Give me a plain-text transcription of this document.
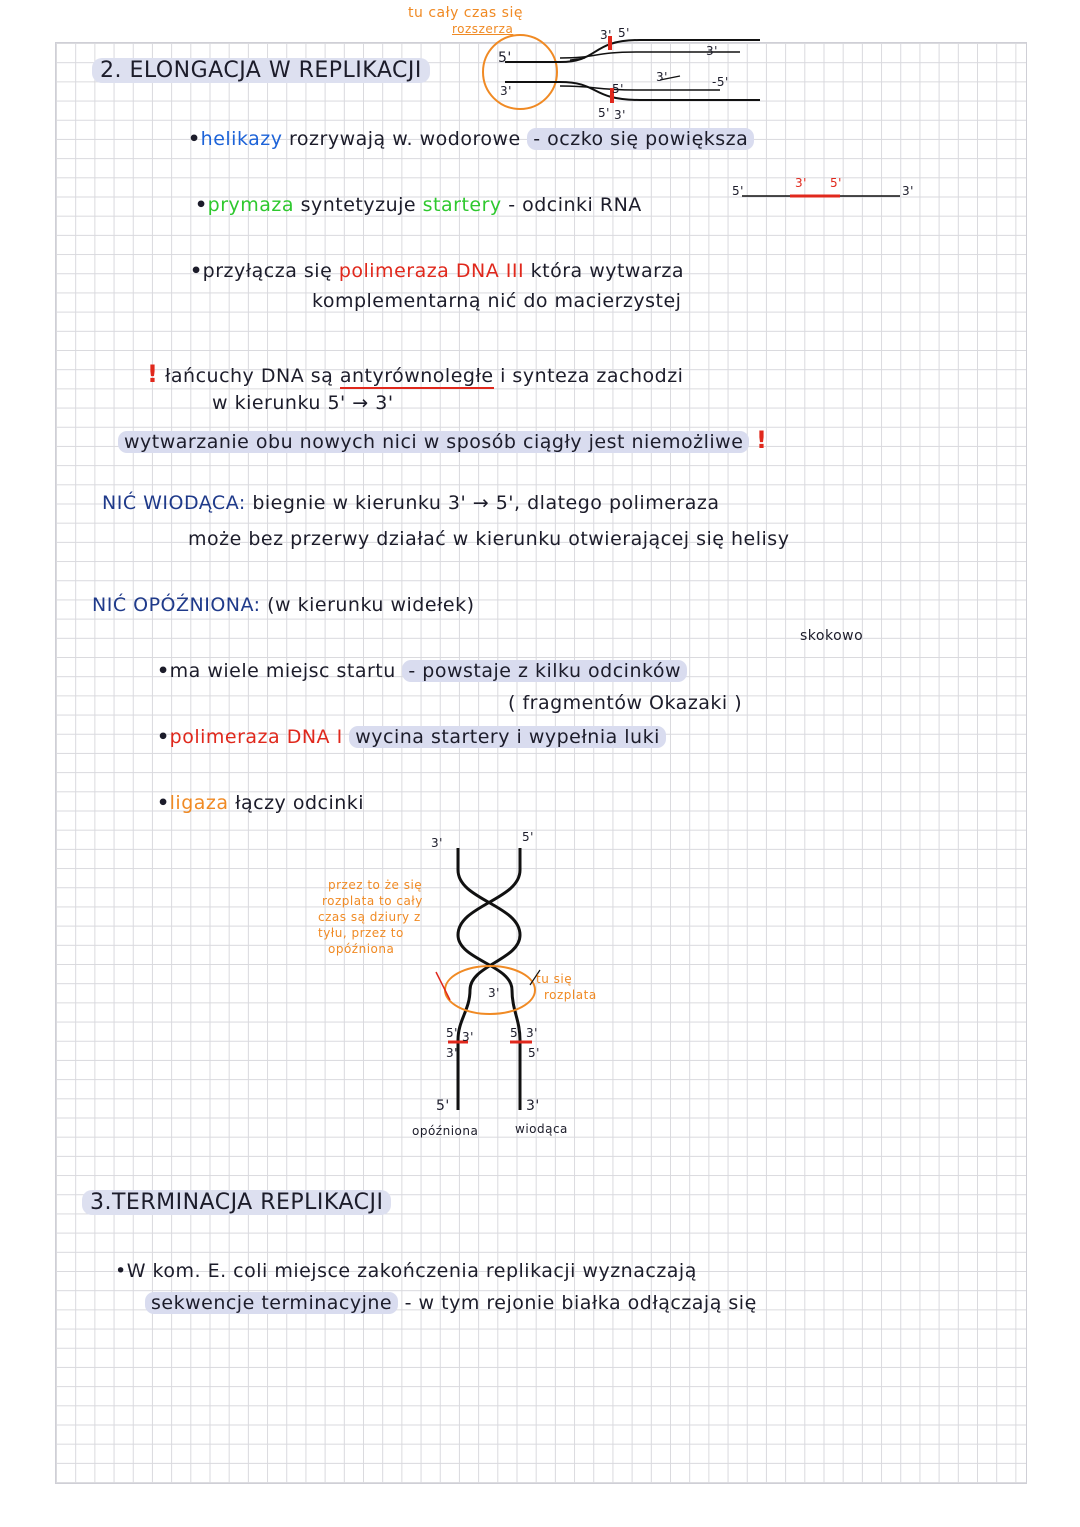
tu cały czas się
rozszerza
2. ELONGACJA W REPLIKACJI	5'
3'
3' 5'
3'
3'	-5'
5' 3'
5'
•helikazy rozrywają w. wodorowe - oczko się powiększa
•prymaza syntetyzuje startery - odcinki RNA
5'
3' 5'
3'
•przyłącza się polimeraza DNA III która wytwarza
komplementarną nić do macierzystej
! łańcuchy DNA są antyrównoległe i synteza zachodzi
w kierunku 5' → 3'
wytwarzanie obu nowych nici w sposób ciągły jest niemożliwe !
NIĆ WIODĄCA: biegnie w kierunku 3' → 5', dlatego polimeraza
może bez przerwy działać w kierunku otwierającej się helisy
NIĆ OPÓŹNIONA: (w kierunku widełek)
skokowo
•ma wiele miejsc startu - powstaje z kilku odcinków
( fragmentów Okazaki )
•polimeraza DNA I wycina startery i wypełnia luki
•ligaza łączy odcinki
3'	5'
przez to że się
rozplata to cały
czas są dziury z
tyłu, przez to
opóźniona
tu się
rozplata
5'
3'
3'	5' 3'
5'
3'
5'	3'
opóźniona	wiodąca
3.TERMINACJA REPLIKACJI
•W kom. E. coli miejsce zakończenia replikacji wyznaczają
sekwencje terminacyjne - w tym rejonie białka odłączają się
